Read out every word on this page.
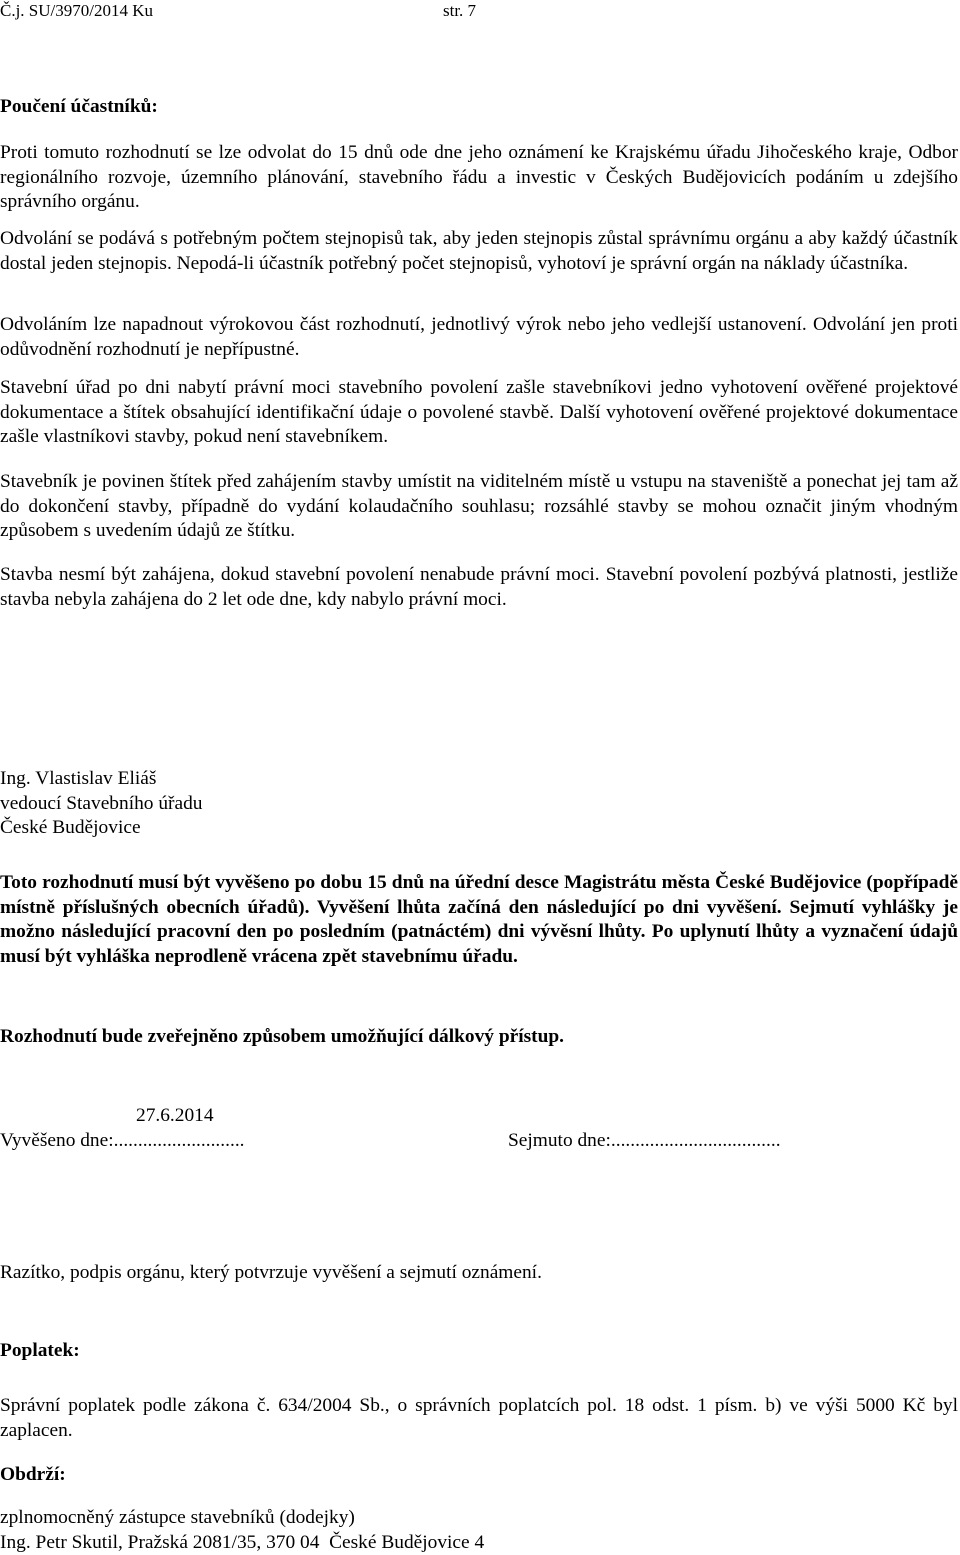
Č.j. SU/3970/2014 Ku	str. 7
Poučení účastníků:
Proti tomuto rozhodnutí se lze odvolat do 15 dnů ode dne jeho oznámení ke Krajskému úřadu Jihočeského kraje, Odbor regionálního rozvoje, územního plánování, stavebního řádu a investic v Českých Budějovicích podáním u zdejšího správního orgánu.
Odvolání se podává s potřebným počtem stejnopisů tak, aby jeden stejnopis zůstal správnímu orgánu a aby každý účastník dostal jeden stejnopis. Nepodá-li účastník potřebný počet stejnopisů, vyhotoví je správní orgán na náklady účastníka.
Odvoláním lze napadnout výrokovou část rozhodnutí, jednotlivý výrok nebo jeho vedlejší ustanovení. Odvolání jen proti odůvodnění rozhodnutí je nepřípustné.
Stavební úřad po dni nabytí právní moci stavebního povolení zašle stavebníkovi jedno vyhotovení ověřené projektové dokumentace a štítek obsahující identifikační údaje o povolené stavbě. Další vyhotovení ověřené projektové dokumentace zašle vlastníkovi stavby, pokud není stavebníkem.
Stavebník je povinen štítek před zahájením stavby umístit na viditelném místě u vstupu na staveniště a ponechat jej tam až do dokončení stavby, případně do vydání kolaudačního souhlasu; rozsáhlé stavby se mohou označit jiným vhodným způsobem s uvedením údajů ze štítku.
Stavba nesmí být zahájena, dokud stavební povolení nenabude právní moci. Stavební povolení pozbývá platnosti, jestliže stavba nebyla zahájena do 2 let ode dne, kdy nabylo právní moci.
Ing. Vlastislav Eliáš
vedoucí Stavebního úřadu
České Budějovice
Toto rozhodnutí musí být vyvěšeno po dobu 15 dnů na úřední desce Magistrátu města České Budějovice (popřípadě místně příslušných obecních úřadů). Vyvěšení lhůta začíná den následující po dni vyvěšení. Sejmutí vyhlášky je možno následující pracovní den po posledním (patnáctém) dni vývěsní lhůty. Po uplynutí lhůty a vyznačení údajů musí být vyhláška neprodleně vrácena zpět stavebnímu úřadu.
Rozhodnutí bude zveřejněno způsobem umožňující dálkový přístup.
27.6.2014
Vyvěšeno dne:...........................	Sejmuto dne:...................................
Razítko, podpis orgánu, který potvrzuje vyvěšení a sejmutí oznámení.
Poplatek:
Správní poplatek podle zákona č. 634/2004 Sb., o správních poplatcích pol. 18 odst. 1 písm. b) ve výši 5000 Kč byl zaplacen.
Obdrží:
zplnomocněný zástupce stavebníků (dodejky)
Ing. Petr Skutil, Pražská 2081/35, 370 04  České Budějovice 4
